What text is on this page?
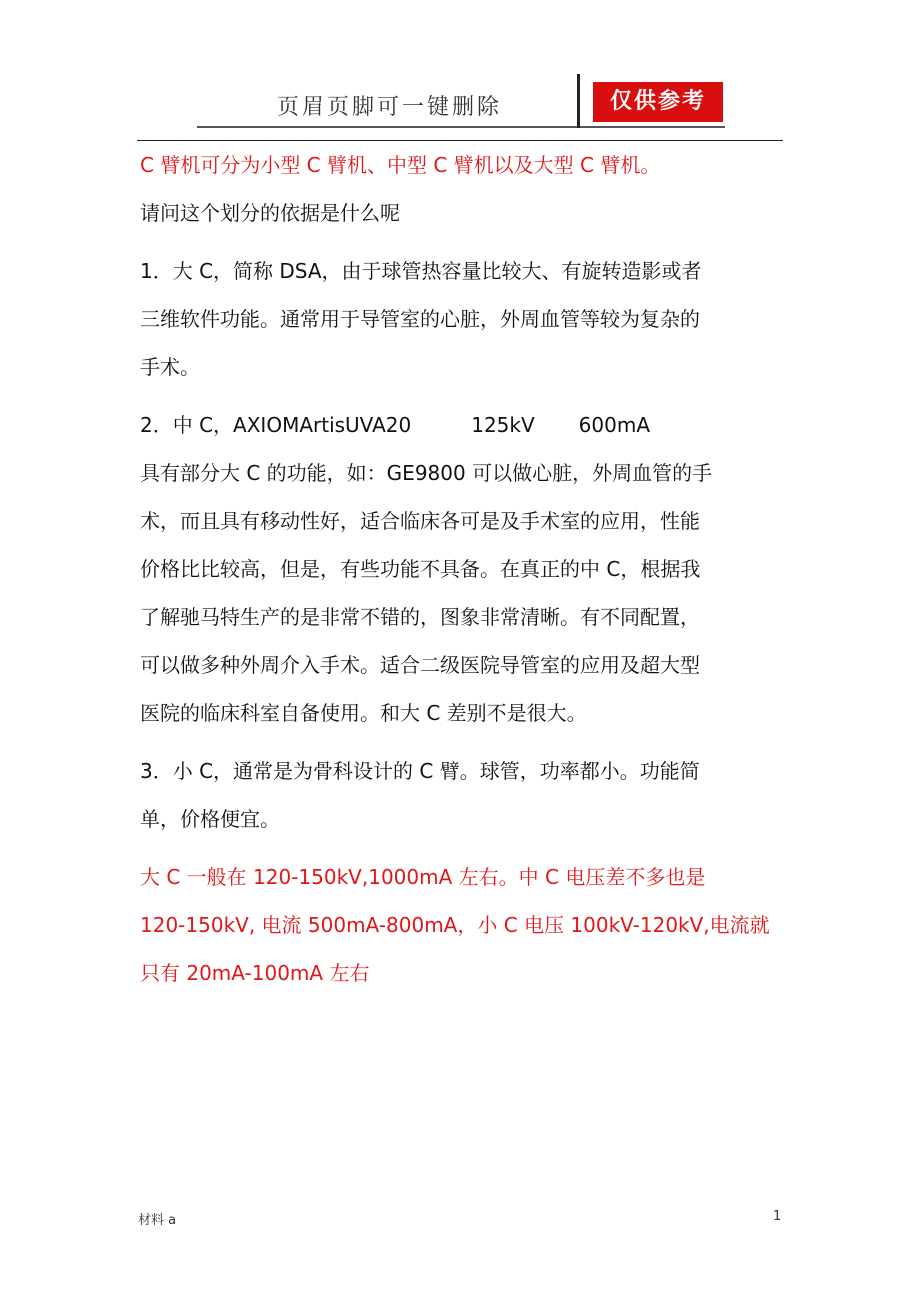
页眉页脚可一键删除	仅供参考
C 臂机可分为小型 C 臂机、中型 C 臂机以及大型 C 臂机。
请问这个划分的依据是什么呢
1．大 C，简称 DSA，由于球管热容量比较大、有旋转造影或者
三维软件功能。通常用于导管室的心脏，外周血管等较为复杂的
手术。
2．中 C，AXIOMArtisUVA20	125kV 600mA
具有部分大 C 的功能，如：GE9800 可以做心脏，外周血管的手
术，而且具有移动性好，适合临床各可是及手术室的应用，性能
价格比比较高，但是，有些功能不具备。在真正的中 C，根据我
了解驰马特生产的是非常不错的，图象非常清晰。有不同配置，
可以做多种外周介入手术。适合二级医院导管室的应用及超大型
医院的临床科室自备使用。和大 C 差别不是很大。
3．小 C，通常是为骨科设计的 C 臂。球管，功率都小。功能简
单，价格便宜。
大 C 一般在 120-150kV,1000mA 左右。中 C 电压差不多也是
120-150kV, 电流 500mA-800mA，小 C 电压 100kV-120kV,电流就
只有 20mA-100mA 左右
材料 a	1
